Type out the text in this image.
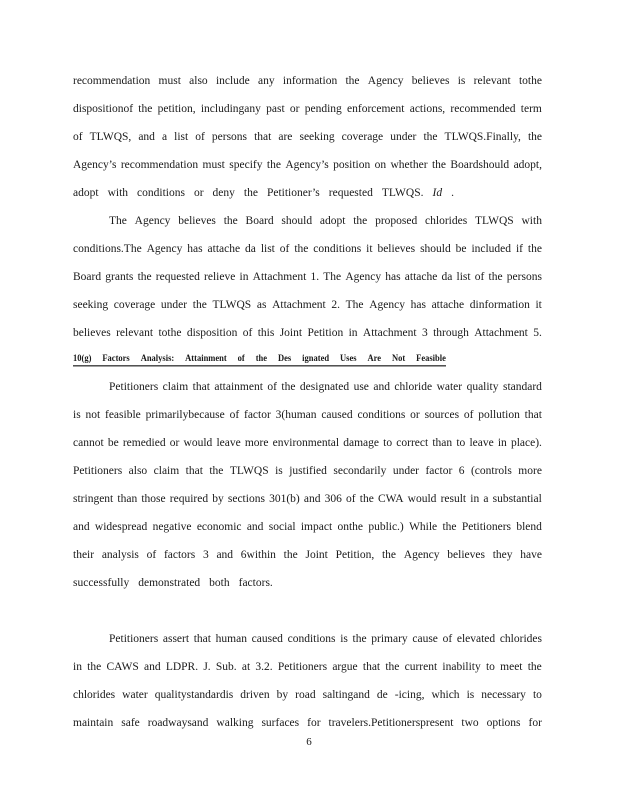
recommendation must also include any information the Agency believes is relevant tothe
dispositionof the petition, includingany past or pending enforcement actions, recommended term
of TLWQS, and a list of persons that are seeking coverage under the TLWQS.Finally, the
Agency’s recommendation must specify the Agency’s position on whether the Boardshould adopt,
adopt with conditions or deny the Petitioner’s requested TLWQS. Id .
The Agency believes the Board should adopt the proposed chlorides TLWQS with
conditions.The Agency has attache da list of the conditions it believes should be included if the
Board grants the requested relieve in Attachment 1. The Agency has attache da list of the persons
seeking coverage under the TLWQS as Attachment 2. The Agency has attache dinformation it
believes relevant tothe disposition of this Joint Petition in Attachment 3 through Attachment 5.
Petitioners claim that attainment of the designated use and chloride water quality standard
is not feasible primarilybecause of factor 3(human caused conditions or sources of pollution that
cannot be remedied or would leave more environmental damage to correct than to leave in place).
Petitioners also claim that the TLWQS is justified secondarily under factor 6 (controls more
stringent than those required by sections 301(b) and 306 of the CWA would result in a substantial
and widespread negative economic and social impact onthe public.) While the Petitioners blend
their analysis of factors 3 and 6within the Joint Petition, the Agency believes they have
successfully demonstrated both factors.
Petitioners assert that human caused conditions is the primary cause of elevated chlorides
in the CAWS and LDPR. J. Sub. at 3.2. Petitioners argue that the current inability to meet the
chlorides water qualitystandardis driven by road saltingand de -icing, which is necessary to
maintain safe roadwaysand walking surfaces for travelers.Petitionerspresent two options for
10(g) Factors Analysis: Attainment of the Des ignated Uses Are Not Feasible
6
